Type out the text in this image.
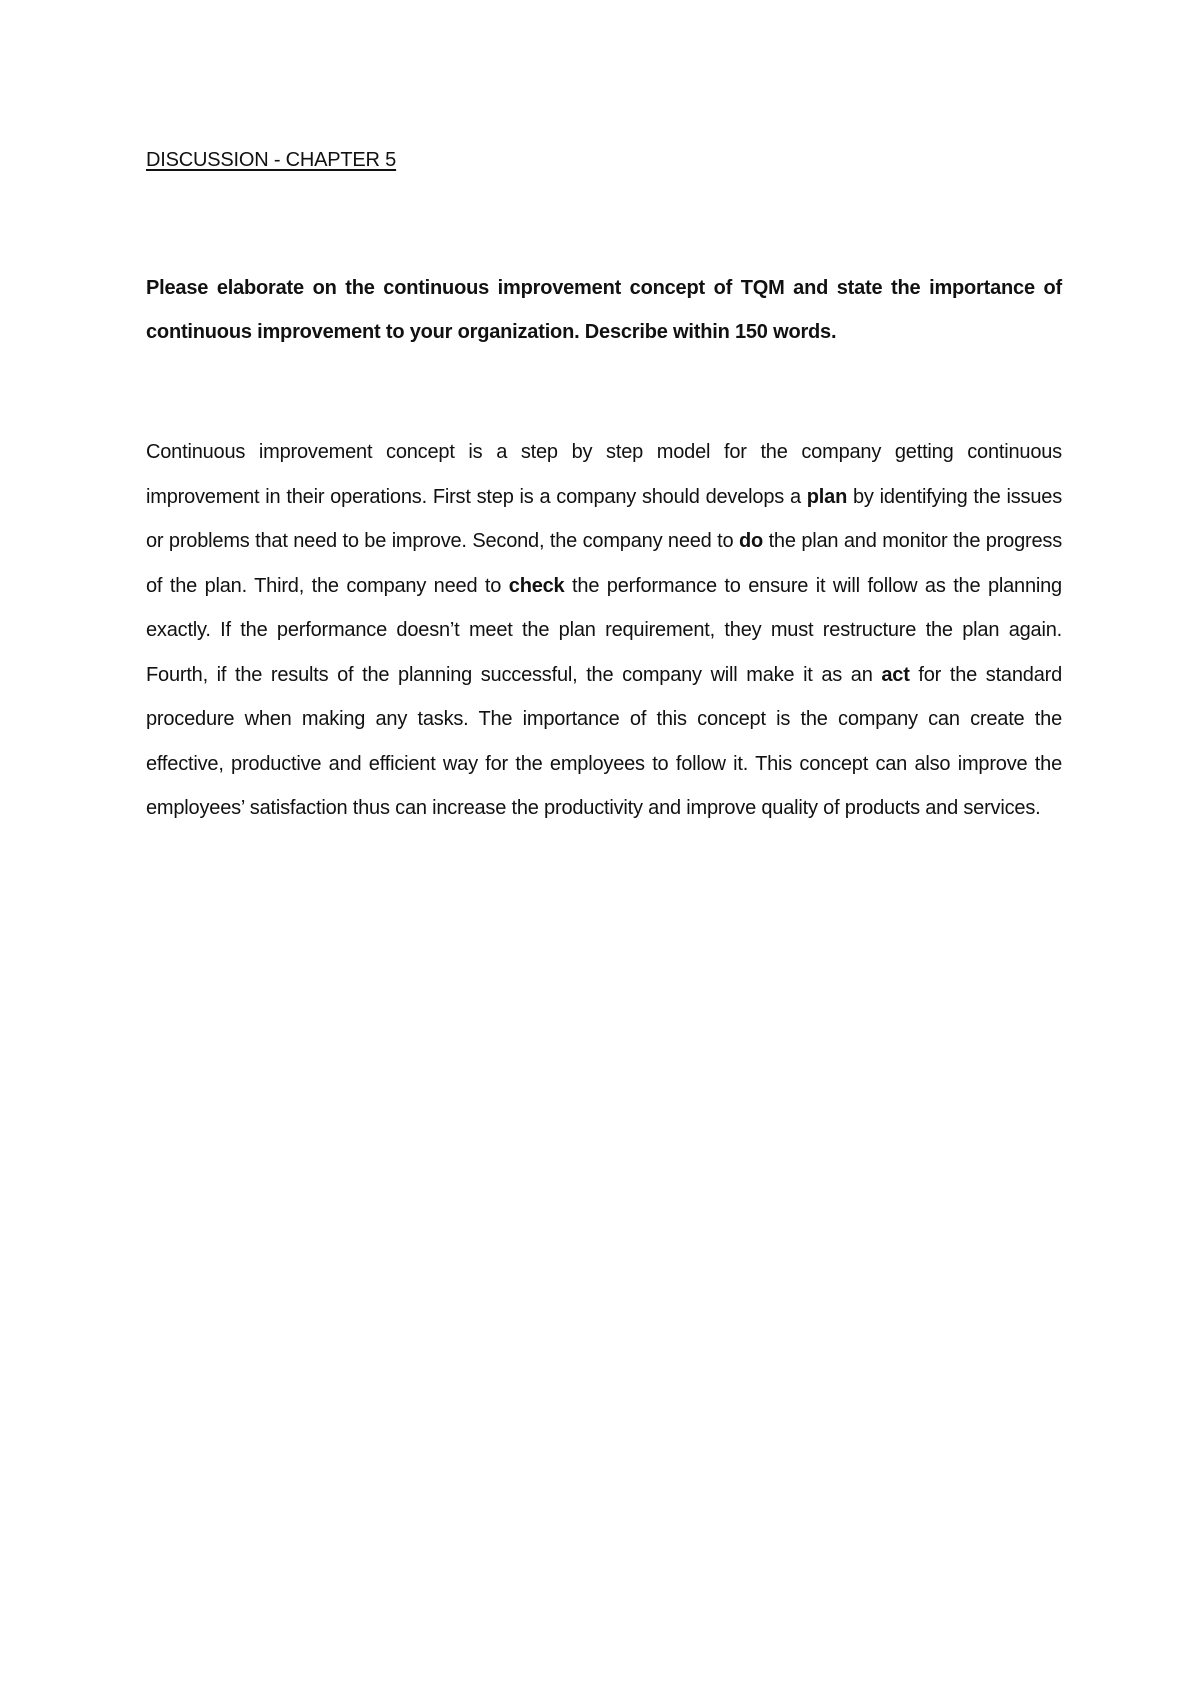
DISCUSSION - CHAPTER 5

Please elaborate on the continuous improvement concept of TQM and state the importance of continuous improvement to your organization. Describe within 150 words.

Continuous improvement concept is a step by step model for the company getting continuous improvement in their operations. First step is a company should develops a plan by identifying the issues or problems that need to be improve. Second, the company need to do the plan and monitor the progress of the plan. Third, the company need to check the performance to ensure it will follow as the planning exactly. If the performance doesn’t meet the plan requirement, they must restructure the plan again. Fourth, if the results of the planning successful, the company will make it as an act for the standard procedure when making any tasks. The importance of this concept is the company can create the effective, productive and efficient way for the employees to follow it. This concept can also improve the employees’ satisfaction thus can increase the productivity and improve quality of products and services.
